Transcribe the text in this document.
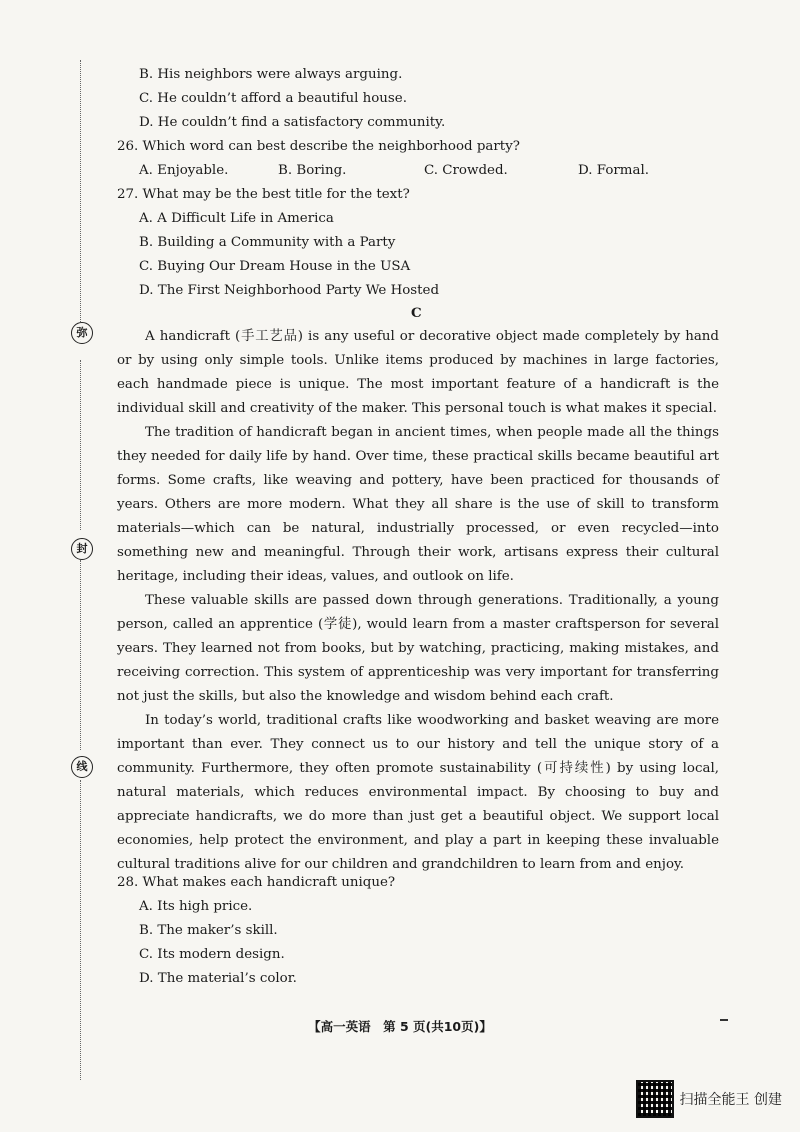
弥
封
线
B. His neighbors were always arguing.
C. He couldn’t afford a beautiful house.
D. He couldn’t find a satisfactory community.
26. Which word can best describe the neighborhood party?
A. Enjoyable.	B. Boring.	C. Crowded.	D. Formal.
27. What may be the best title for the text?
A. A Difficult Life in America
B. Building a Community with a Party
C. Buying Our Dream House in the USA
D. The First Neighborhood Party We Hosted
C
A handicraft (手工艺品) is any useful or decorative object made completely by hand or by using only simple tools. Unlike items produced by machines in large factories, each handmade piece is unique. The most important feature of a handicraft is the individual skill and creativity of the maker. This personal touch is what makes it special.
The tradition of handicraft began in ancient times, when people made all the things they needed for daily life by hand. Over time, these practical skills became beautiful art forms. Some crafts, like weaving and pottery, have been practiced for thousands of years. Others are more modern. What they all share is the use of skill to transform materials—which can be natural, industrially processed, or even recycled—into something new and meaningful. Through their work, artisans express their cultural heritage, including their ideas, values, and outlook on life.
These valuable skills are passed down through generations. Traditionally, a young person, called an apprentice (学徒), would learn from a master craftsperson for several years. They learned not from books, but by watching, practicing, making mistakes, and receiving correction. This system of apprenticeship was very important for transferring not just the skills, but also the knowledge and wisdom behind each craft.
In today’s world, traditional crafts like woodworking and basket weaving are more important than ever. They connect us to our history and tell the unique story of a community. Furthermore, they often promote sustainability (可持续性) by using local, natural materials, which reduces environmental impact. By choosing to buy and appreciate handicrafts, we do more than just get a beautiful object. We support local economies, help protect the environment, and play a part in keeping these invaluable cultural traditions alive for our children and grandchildren to learn from and enjoy.
28. What makes each handicraft unique?
A. Its high price.
B. The maker’s skill.
C. Its modern design.
D. The material’s color.
【高一英语　第 5 页(共10页)】
扫描全能王 创建
